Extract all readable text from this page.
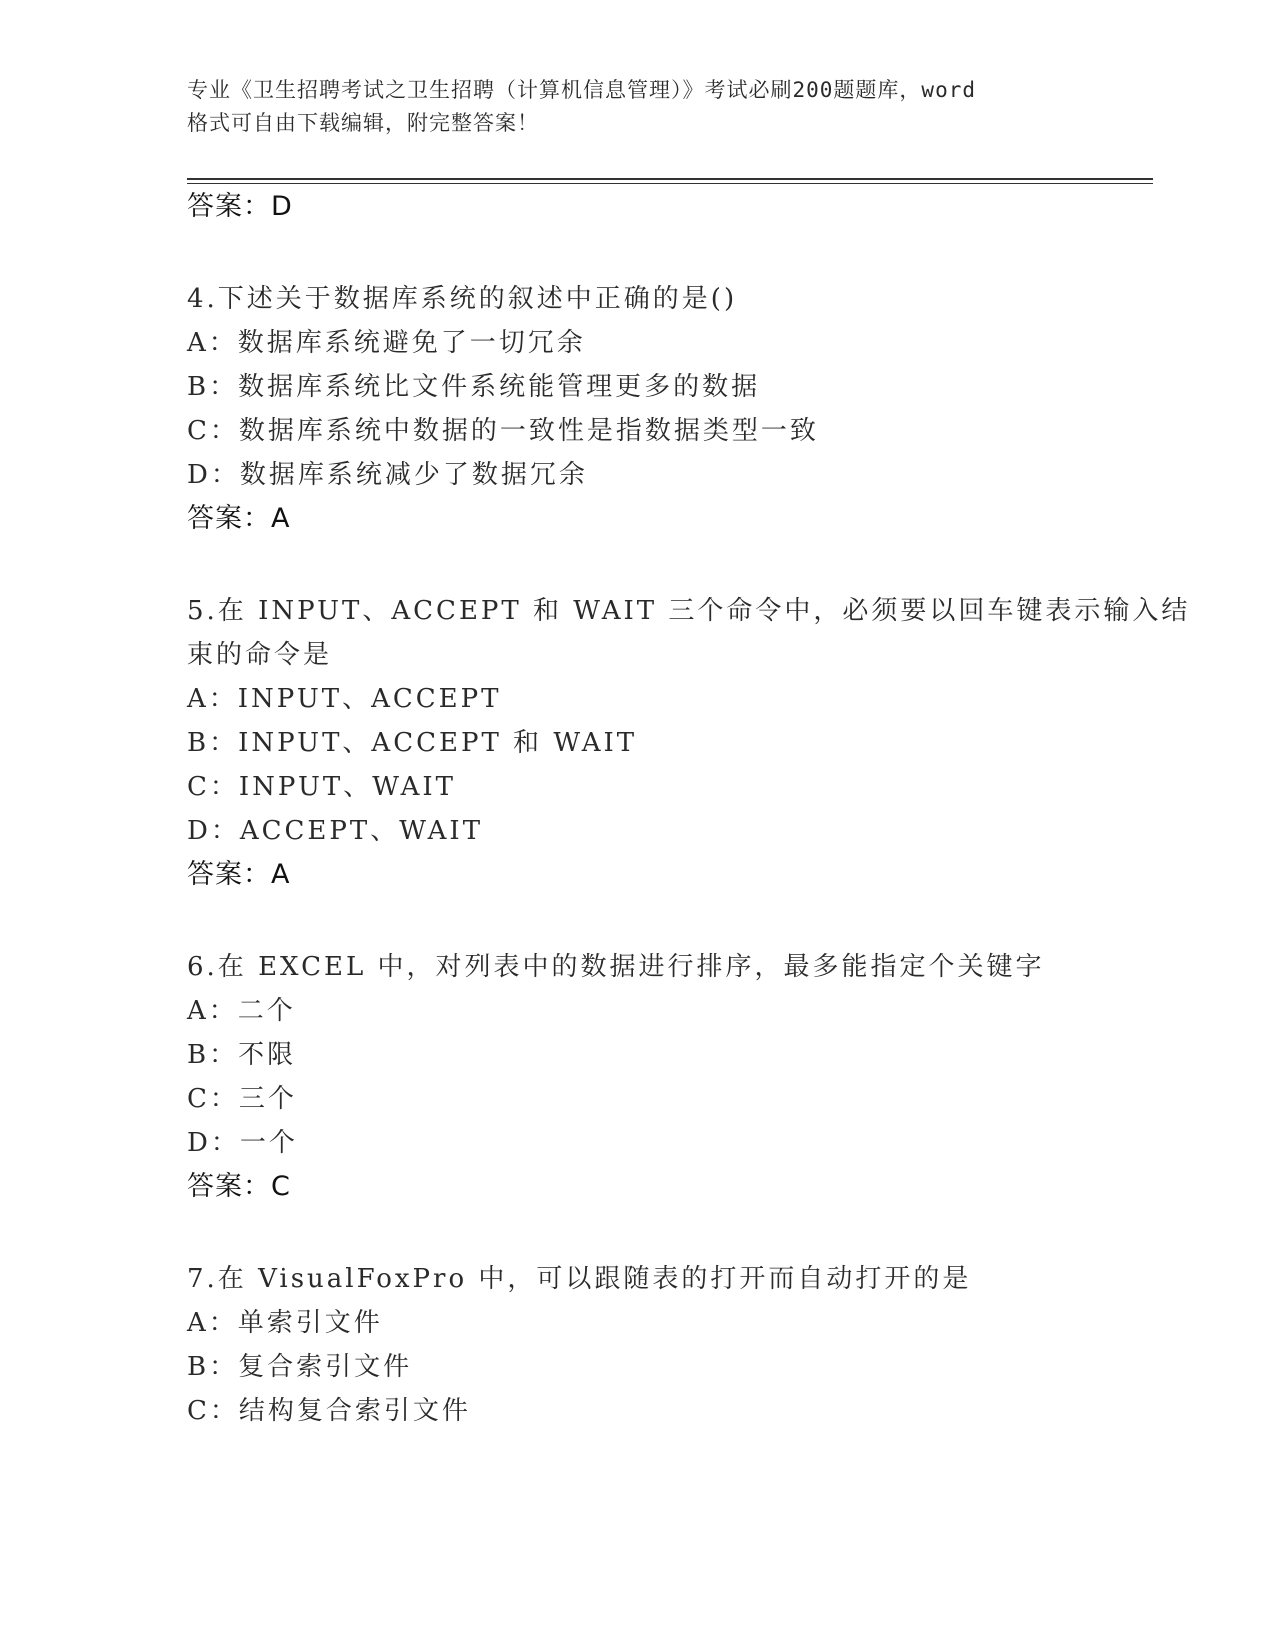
专业《卫生招聘考试之卫生招聘（计算机信息管理）》考试必刷200题题库，word
格式可自由下载编辑，附完整答案！
答案：D
4.下述关于数据库系统的叙述中正确的是()
A：数据库系统避免了一切冗余
B：数据库系统比文件系统能管理更多的数据
C：数据库系统中数据的一致性是指数据类型一致
D：数据库系统减少了数据冗余
答案：A
5.在 INPUT、ACCEPT 和 WAIT 三个命令中，必须要以回车键表示输入结
束的命令是
A：INPUT、ACCEPT
B：INPUT、ACCEPT 和 WAIT
C：INPUT、WAIT
D：ACCEPT、WAIT
答案：A
6.在 EXCEL 中，对列表中的数据进行排序，最多能指定个关键字
A：二个
B：不限
C：三个
D：一个
答案：C
7.在 VisualFoxPro 中，可以跟随表的打开而自动打开的是
A：单索引文件
B：复合索引文件
C：结构复合索引文件
